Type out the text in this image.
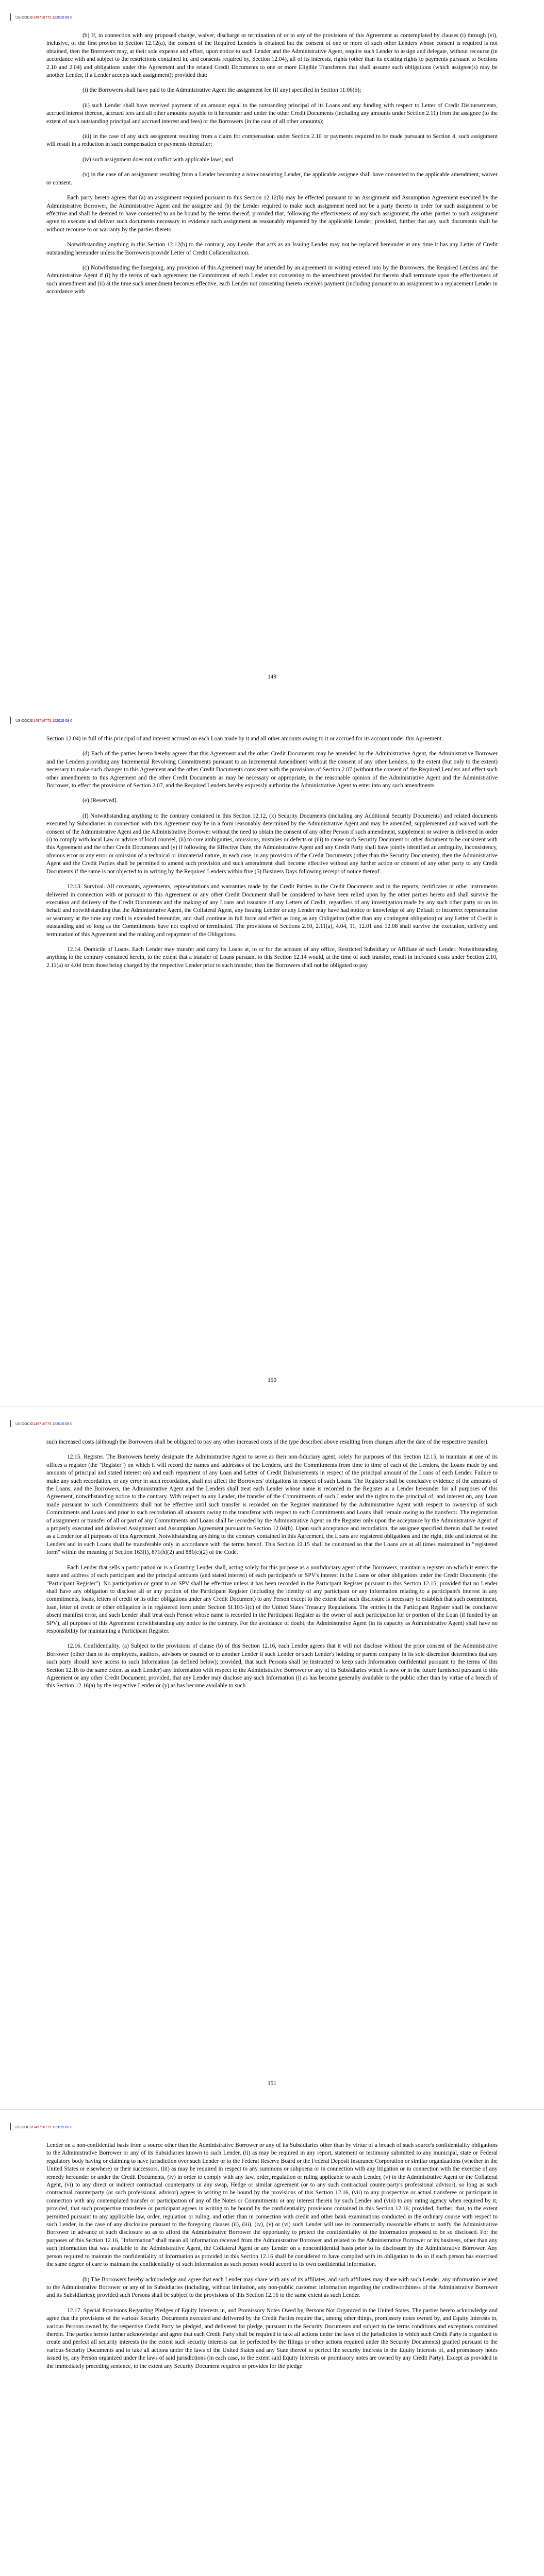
US-DOCS\149716775.122015 08 0

(b) If, in connection with any proposed change, waiver, discharge or termination of or to any of the provisions of this Agreement as contemplated by clauses (i) through (vi), inclusive, of the first proviso to Section 12.12(a), the consent of the Required Lenders is obtained but the consent of one or more of such other Lenders whose consent is required is not obtained, then the Borrowers may, at their sole expense and effort, upon notice to such Lender and the Administrative Agent, require such Lender to assign and delegate, without recourse (in accordance with and subject to the restrictions contained in, and consents required by, Section 12.04), all of its interests, rights (other than its existing rights to payments pursuant to Sections 2.10 and 2.04) and obligations under this Agreement and the related Credit Documents to one or more Eligible Transferees that shall assume such obligations (which assignee(s) may be another Lender, if a Lender accepts such assignment); provided that:

(i) the Borrowers shall have paid to the Administrative Agent the assignment fee (if any) specified in Section 11.06(b);

(ii) such Lender shall have received payment of an amount equal to the outstanding principal of its Loans and any funding with respect to Letter of Credit Disbursements, accrued interest thereon, accrued fees and all other amounts payable to it hereunder and under the other Credit Documents (including any amounts under Section 2.11) from the assignee (to the extent of such outstanding principal and accrued interest and fees) or the Borrowers (in the case of all other amounts);

(iii) in the case of any such assignment resulting from a claim for compensation under Section 2.10 or payments required to be made pursuant to Section 4, such assignment will result in a reduction in such compensation or payments thereafter;

(iv) such assignment does not conflict with applicable laws; and

(v) in the case of an assignment resulting from a Lender becoming a non-consenting Lender, the applicable assignee shall have consented to the applicable amendment, waiver or consent.

Each party hereto agrees that (a) an assignment required pursuant to this Section 12.12(b) may be effected pursuant to an Assignment and Assumption Agreement executed by the Administrative Borrower, the Administrative Agent and the assignee and (b) the Lender required to make such assignment need not be a party thereto in order for such assignment to be effective and shall be deemed to have consented to an be bound by the terms thereof; provided that, following the effectiveness of any such assignment, the other parties to such assignment agree to execute and deliver such documents necessary to evidence such assignment as reasonably requested by the applicable Lender; provided, further that any such documents shall be without recourse to or warranty by the parties thereto.

Notwithstanding anything in this Section 12.12(b) to the contrary, any Lender that acts as an Issuing Lender may not be replaced hereunder at any time it has any Letter of Credit outstanding hereunder unless the Borrowers provide Letter of Credit Collateralization.

(c) Notwithstanding the foregoing, any provision of this Agreement may be amended by an agreement in writing entered into by the Borrowers, the Required Lenders and the Administrative Agent if (i) by the terms of such agreement the Commitment of each Lender not consenting to the amendment provided for therein shall terminate upon the effectiveness of such amendment and (ii) at the time such amendment becomes effective, each Lender not consenting thereto receives payment (including pursuant to an assignment to a replacement Lender in accordance with

149
US-DOCS\149716775.122015 08 0

Section 12.04) in full of this principal of and interest accrued on each Loan made by it and all other amounts owing to it or accrued for its account under this Agreement.

(d) Each of the parties hereto hereby agrees that this Agreement and the other Credit Documents may be amended by the Administrative Agent, the Administrative Borrower and the Lenders providing any Incremental Revolving Commitments pursuant to an Incremental Amendment without the consent of any other Lenders, to the extent (but only to the extent) necessary to make such changes to this Agreement and the other Credit Documents consistent with the provisions of Section 2.07 (without the consent of the Required Lenders and effect such other amendments to this Agreement and the other Credit Documents as may be necessary or appropriate, in the reasonable opinion of the Administrative Agent and the Administrative Borrower, to effect the provisions of Section 2.07, and the Required Lenders hereby expressly authorize the Administrative Agent to enter into any such amendments.

(e) [Reserved].

(f) Notwithstanding anything to the contrary contained in this Section 12.12, (x) Security Documents (including any Additional Security Documents) and related documents executed by Subsidiaries in connection with this Agreement may be in a form reasonably determined by the Administrative Agent and may be amended, supplemented and waived with the consent of the Administrative Agent and the Administrative Borrower without the need to obtain the consent of any other Person if such amendment, supplement or waiver is delivered in order (i) to comply with local Law or advice of local counsel, (ii) to cure ambiguities, omissions, mistakes or defects or (iii) to cause such Security Document or other document to be consistent with this Agreement and the other Credit Documents and (y) if following the Effective Date, the Administrative Agent and any Credit Party shall have jointly identified an ambiguity, inconsistency, obvious error or any error or omission of a technical or immaterial nature, in each case, in any provision of the Credit Documents (other than the Security Documents), then the Administrative Agent and the Credit Parties shall be permitted to amend such provision and such amendment shall become effective without any further action or consent of any other party to any Credit Documents if the same is not objected to in writing by the Required Lenders within five (5) Business Days following receipt of notice thereof.

12.13. Survival. All covenants, agreements, representations and warranties made by the Credit Parties in the Credit Documents and in the reports, certificates or other instruments delivered in connection with or pursuant to this Agreement or any other Credit Document shall be considered to have been relied upon by the other parties hereto and shall survive the execution and delivery of the Credit Documents and the making of any Loans and issuance of any Letters of Credit, regardless of any investigation made by any such other party or on its behalf and notwithstanding that the Administrative Agent, the Collateral Agent, any Issuing Lender or any Lender may have had notice or knowledge of any Default or incorrect representation or warranty at the time any credit is extended hereunder, and shall continue in full force and effect as long as any Obligation (other than any contingent obligation) or any Letter of Credit is outstanding and so long as the Commitments have not expired or terminated. The provisions of Sections 2.10, 2.11(a), 4.04, 11, 12.01 and 12.08 shall survive the execution, delivery and termination of this Agreement and the making and repayment of the Obligations.

12.14. Domicile of Loans. Each Lender may transfer and carry its Loans at, to or for the account of any office, Restricted Subsidiary or Affiliate of such Lender. Notwithstanding anything to the contrary contained herein, to the extent that a transfer of Loans pursuant to this Section 12.14 would, at the time of such transfer, result in increased costs under Section 2.10, 2.11(a) or 4.04 from those being charged by the respective Lender prior to such transfer, then the Borrowers shall not be obligated to pay

150
US-DOCS\149716775.122015 08 0

such increased costs (although the Borrowers shall be obligated to pay any other increased costs of the type described above resulting from changes after the date of the respective transfer).

12.15. Register. The Borrowers hereby designate the Administrative Agent to serve as their non-fiduciary agent, solely for purposes of this Section 12.15, to maintain at one of its offices a register (the "Register") on which it will record the names and addresses of the Lenders, and the Commitments from time to time of each of the Lenders, the Loans made by and amounts of principal and stated interest on) and each repayment of any Loan and Letter of Credit Disbursements in respect of the principal amount of the Loans of each Lender. Failure to make any such recordation, or any error in such recordation, shall not affect the Borrowers' obligations in respect of such Loans. The Register shall be conclusive evidence of the amounts of the Loans, and the Borrowers, the Administrative Agent and the Lenders shall treat each Lender whose name is recorded in the Register as a Lender hereunder for all purposes of this Agreement, notwithstanding notice to the contrary. With respect to any Lender, the transfer of the Commitments of such Lender and the rights to the principal of, and interest on, any Loan made pursuant to such Commitments shall not be effective until such transfer is recorded on the Register maintained by the Administrative Agent with respect to ownership of such Commitments and Loans and prior to such recordation all amounts owing to the transferor with respect to such Commitments and Loans shall remain owing to the transferor. The registration of assignment or transfer of all or part of any Commitments and Loans shall be recorded by the Administrative Agent on the Register only upon the acceptance by the Administrative Agent of a properly executed and delivered Assignment and Assumption Agreement pursuant to Section 12.04(b). Upon such acceptance and recordation, the assignee specified therein shall be treated as a Lender for all purposes of this Agreement. Notwithstanding anything to the contrary contained in this Agreement, the Loans are registered obligations and the right, title and interest of the Lenders and in such Loans shall be transferable only in accordance with the terms hereof. This Section 12.15 shall be construed so that the Loans are at all times maintained in "registered form" within the meaning of Section 163(f), 871(h)(2) and 881(c)(2) of the Code.

Each Lender that sells a participation or is a Granting Lender shall, acting solely for this purpose as a nonfiduciary agent of the Borrowers, maintain a register on which it enters the name and address of each participant and the principal amounts (and stated interest) of each participant's or SPV's interest in the Loans or other obligations under the Credit Documents (the "Participant Register"). No participation or grant to an SPV shall be effective unless it has been recorded in the Participant Register pursuant to this Section 12.15; provided that no Lender shall have any obligation to disclose all or any portion of the Participant Register (including the identity of any participant or any information relating to a participant's interest in any commitments, loans, letters of credit or its other obligations under any Credit Document) to any Person except to the extent that such disclosure is necessary to establish that such commitment, loan, letter of credit or other obligation is in registered form under Section 5f.103-1(c) of the United States Treasury Regulations. The entries in the Participant Register shall be conclusive absent manifest error, and such Lender shall treat each Person whose name is recorded in the Participant Register as the owner of such participation for or portion of the Loan (if funded by an SPV), all purposes of this Agreement notwithstanding any notice to the contrary. For the avoidance of doubt, the Administrative Agent (in its capacity as Administrative Agent) shall have no responsibility for maintaining a Participant Register.

12.16. Confidentiality. (a) Subject to the provisions of clause (b) of this Section 12.16, each Lender agrees that it will not disclose without the prior consent of the Administrative Borrower (other than to its employees, auditors, advisors or counsel or to another Lender if such Lender or such Lender's holding or parent company in its sole discretion determines that any such party should have access to such Information (as defined below); provided, that such Persons shall be instructed to keep such Information confidential pursuant to the terms of this Section 12.16 to the same extent as such Lender) any Information with respect to the Administrative Borrower or any of its Subsidiaries which is now or in the future furnished pursuant to this Agreement or any other Credit Document; provided, that any Lender may disclose any such Information (i) as has become generally available to the public other than by virtue of a breach of this Section 12.16(a) by the respective Lender or (y) as has become available to such

151
US-DOCS\149716775.122015 08 0

Lender on a non-confidential basis from a source other than the Administrative Borrower or any of its Subsidiaries other than by virtue of a breach of such source's confidentiality obligations to the Administrative Borrower or any of its Subsidiaries known to such Lender, (ii) as may be required in any report, statement or testimony submitted to any municipal, state or Federal regulatory body having or claiming to have jurisdiction over such Lender or to the Federal Reserve Board or the Federal Deposit Insurance Corporation or similar organizations (whether in the United States or elsewhere) or their successors, (iii) as may be required in respect to any summons or subpoena or in connection with any litigation or in connection with the exercise of any remedy hereunder or under the Credit Documents, (iv) in order to comply with any law, order, regulation or ruling applicable to such Lender, (v) to the Administrative Agent or the Collateral Agent, (vi) to any direct or indirect contractual counterparty in any swap, Hedge or similar agreement (or to any such contractual counterparty's professional advisor), so long as such contractual counterparty (or such professional advisor) agrees in writing to be bound by the provisions of this Section 12.16, (vii) to any prospective or actual transferee or participant in connection with any contemplated transfer or participation of any of the Notes or Commitments or any interest therein by such Lender and (viii) to any rating agency when required by it; provided, that such prospective transferee or participant agrees in writing to be bound by the confidentiality provisions contained in this Section 12.16; provided, further, that, to the extent permitted pursuant to any applicable law, order, regulation or ruling, and other than in connection with credit and other bank examinations conducted in the ordinary course with respect to such Lender, in the case of any disclosure pursuant to the foregoing clauses (ii), (iii), (iv), (v) or (vi) such Lender will use its commercially reasonable efforts to notify the Administrative Borrower in advance of such disclosure so as to afford the Administrative Borrower the opportunity to protect the confidentiality of the Information proposed to be so disclosed. For the purposes of this Section 12.16, "Information" shall mean all information received from the Administrative Borrower and related to the Administrative Borrower or its business, other than any such information that was available to the Administrative Agent, the Collateral Agent or any Lender on a nonconfidential basis prior to its disclosure by the Administrative Borrower. Any person required to maintain the confidentiality of Information as provided in this Section 12.16 shall be considered to have complied with its obligation to do so if such person has exercised the same degree of care to maintain the confidentiality of such Information as such person would accord to its own confidential information.

(b) The Borrowers hereby acknowledge and agree that each Lender may share with any of its affiliates, and such affiliates may share with such Lender, any information related to the Administrative Borrower or any of its Subsidiaries (including, without limitation, any non-public customer information regarding the creditworthiness of the Administrative Borrower and its Subsidiaries); provided such Persons shall be subject to the provisions of this Section 12.16 to the same extent as such Lender.

12.17. Special Provisions Regarding Pledges of Equity Interests in, and Promissory Notes Owed by, Persons Not Organized in the United States. The parties hereto acknowledge and agree that the provisions of the various Security Documents executed and delivered by the Credit Parties require that, among other things, promissory notes owned by, and Equity Interests in, various Persons owned by the respective Credit Party be pledged, and delivered for pledge, pursuant to the Security Documents and subject to the terms conditions and exceptions contained therein. The parties hereto further acknowledge and agree that each Credit Party shall be required to take all actions under the laws of the jurisdiction in which such Credit Party is organized to create and perfect all security interests (to the extent such security interests can be perfected by the filings or other actions required under the Security Documents) granted pursuant to the various Security Documents and to take all actions under the laws of the United States and any State thereof to perfect the security interests in the Equity Interests of, and promissory notes issued by, any Person organized under the laws of said jurisdictions (in each case, to the extent said Equity Interests or promissory notes are owned by any Credit Party). Except as provided in the immediately preceding sentence, to the extent any Security Document requires or provides for the pledge
